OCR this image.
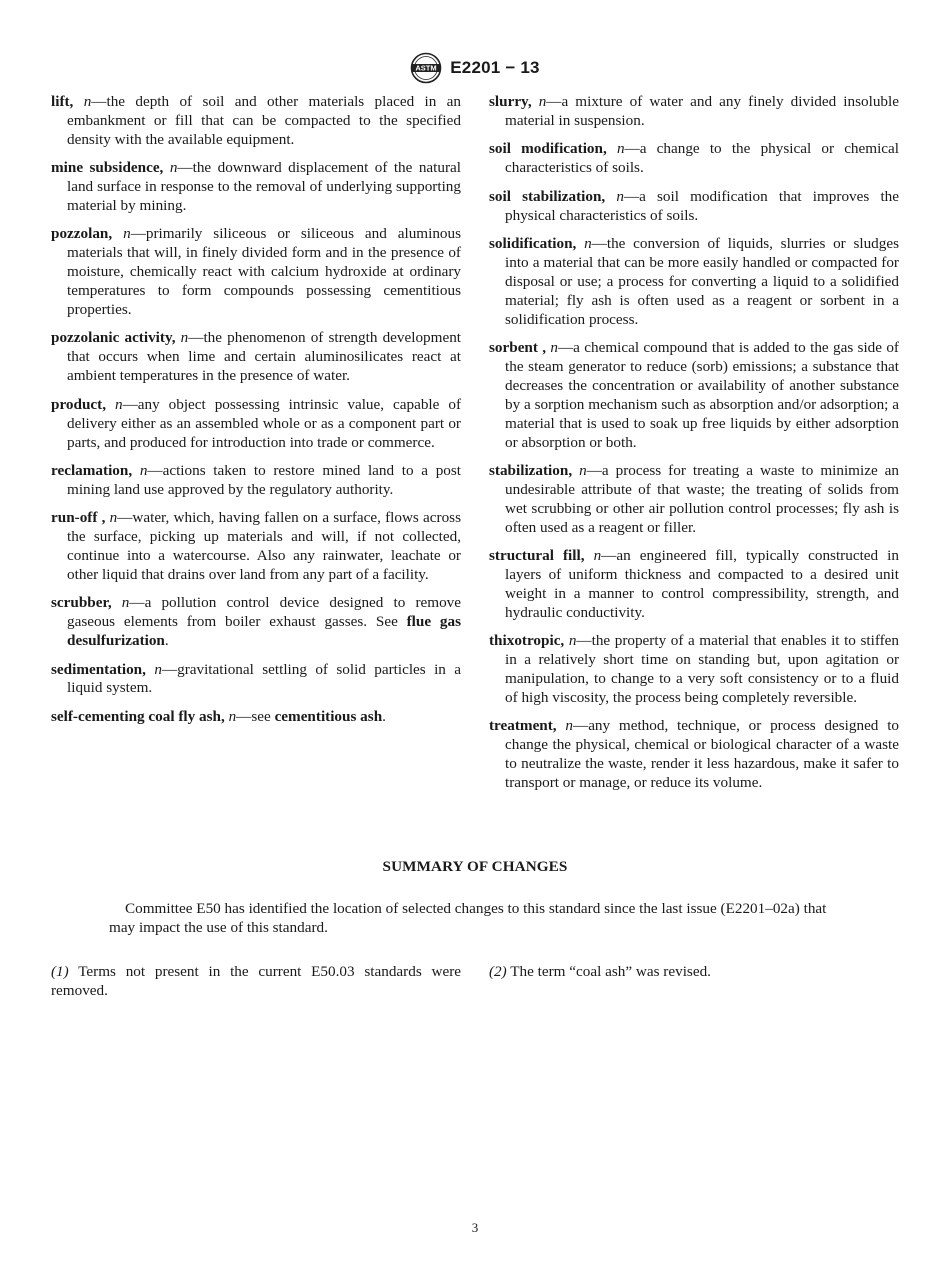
ASTM E2201 − 13

lift, n—the depth of soil and other materials placed in an embankment or fill that can be compacted to the specified density with the available equipment.

mine subsidence, n—the downward displacement of the natural land surface in response to the removal of underlying supporting material by mining.

pozzolan, n—primarily siliceous or siliceous and aluminous materials that will, in finely divided form and in the presence of moisture, chemically react with calcium hydroxide at ordinary temperatures to form compounds possessing cementitious properties.

pozzolanic activity, n—the phenomenon of strength development that occurs when lime and certain aluminosilicates react at ambient temperatures in the presence of water.

product, n—any object possessing intrinsic value, capable of delivery either as an assembled whole or as a component part or parts, and produced for introduction into trade or commerce.

reclamation, n—actions taken to restore mined land to a post mining land use approved by the regulatory authority.

run-off , n—water, which, having fallen on a surface, flows across the surface, picking up materials and will, if not collected, continue into a watercourse. Also any rainwater, leachate or other liquid that drains over land from any part of a facility.

scrubber, n—a pollution control device designed to remove gaseous elements from boiler exhaust gasses. See flue gas desulfurization.

sedimentation, n—gravitational settling of solid particles in a liquid system.

self-cementing coal fly ash, n—see cementitious ash.

slurry, n—a mixture of water and any finely divided insoluble material in suspension.

soil modification, n—a change to the physical or chemical characteristics of soils.

soil stabilization, n—a soil modification that improves the physical characteristics of soils.

solidification, n—the conversion of liquids, slurries or sludges into a material that can be more easily handled or compacted for disposal or use; a process for converting a liquid to a solidified material; fly ash is often used as a reagent or sorbent in a solidification process.

sorbent , n—a chemical compound that is added to the gas side of the steam generator to reduce (sorb) emissions; a substance that decreases the concentration or availability of another substance by a sorption mechanism such as absorption and/or adsorption; a material that is used to soak up free liquids by either adsorption or absorption or both.

stabilization, n—a process for treating a waste to minimize an undesirable attribute of that waste; the treating of solids from wet scrubbing or other air pollution control processes; fly ash is often used as a reagent or filler.

structural fill, n—an engineered fill, typically constructed in layers of uniform thickness and compacted to a desired unit weight in a manner to control compressibility, strength, and hydraulic conductivity.

thixotropic, n—the property of a material that enables it to stiffen in a relatively short time on standing but, upon agitation or manipulation, to change to a very soft consistency or to a fluid of high viscosity, the process being completely reversible.

treatment, n—any method, technique, or process designed to change the physical, chemical or biological character of a waste to neutralize the waste, render it less hazardous, make it safer to transport or manage, or reduce its volume.

SUMMARY OF CHANGES

Committee E50 has identified the location of selected changes to this standard since the last issue (E2201–02a) that may impact the use of this standard.

(1) Terms not present in the current E50.03 standards were removed.

(2) The term “coal ash” was revised.

3
